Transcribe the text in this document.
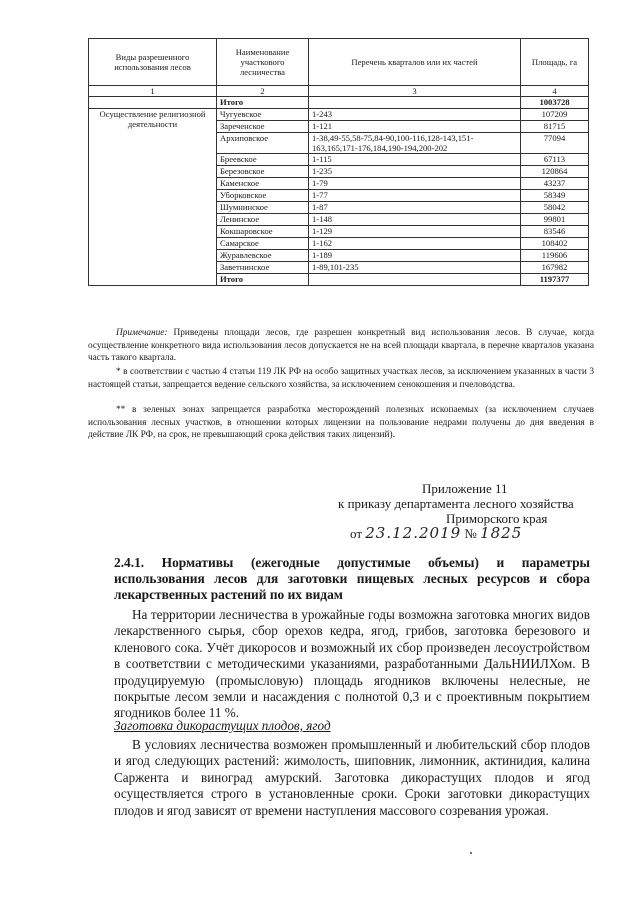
Виды разрешенного использования лесов	Наименование участкового лесничества	Перечень кварталов или их частей	Площадь, га
1	2	3	4
	Итого		1003728
Осуществление религиозной деятельности	Чугуевское	1-243	107209
	Зареченское	1-121	81715
	Архиповское	1-38,49-55,58-75,84-90,100-116,128-143,151-163,165,171-176,184,190-194,200-202	77094
	Бреевское	1-115	67113
	Березовское	1-235	120864
	Каменское	1-79	43237
	Уборковское	1-77	58349
	Шумнинское	1-87	58042
	Ленинское	1-148	99801
	Кокшаровское	1-129	83546
	Самарское	1-162	108402
	Журавлевское	1-189	119606
	Заветнинское	1-89,101-235	167982
	Итого		1197377

Примечание: Приведены площади лесов, где разрешен конкретный вид использования лесов. В случае, когда осуществление конкретного вида использования лесов допускается не на всей площади квартала, в перечне кварталов указана часть такого квартала.

* в соответствии с частью 4 статьи 119 ЛК РФ на особо защитных участках лесов, за исключением указанных в части 3 настоящей статьи, запрещается ведение сельского хозяйства, за исключением сенокошения и пчеловодства.

** в зеленых зонах запрещается разработка месторождений полезных ископаемых (за исключением случаев использования лесных участков, в отношении которых лицензии на пользование недрами получены до дня введения в действие ЛК РФ, на срок, не превышающий срока действия таких лицензий).

Приложение 11
к приказу департамента лесного хозяйства
Приморского края
от 23.12.2019 № 1825

2.4.1. Нормативы (ежегодные допустимые объемы) и параметры использования лесов для заготовки пищевых лесных ресурсов и сбора лекарственных растений по их видам

На территории лесничества в урожайные годы возможна заготовка многих видов лекарственного сырья, сбор орехов кедра, ягод, грибов, заготовка березового и кленового сока. Учёт дикоросов и возможный их сбор произведен лесоустройством в соответствии с методическими указаниями, разработанными ДальНИИЛХом. В продуцируемую (промысловую) площадь ягодников включены нелесные, не покрытые лесом земли и насаждения с полнотой 0,3 и с проективным покрытием ягодников более 11 %.

Заготовка дикорастущих плодов, ягод

В условиях лесничества возможен промышленный и любительский сбор плодов и ягод следующих растений: жимолость, шиповник, лимонник, актинидия, калина Саржента и виноград амурский. Заготовка дикорастущих плодов и ягод осуществляется строго в установленные сроки. Сроки заготовки дикорастущих плодов и ягод зависят от времени наступления массового созревания урожая.
